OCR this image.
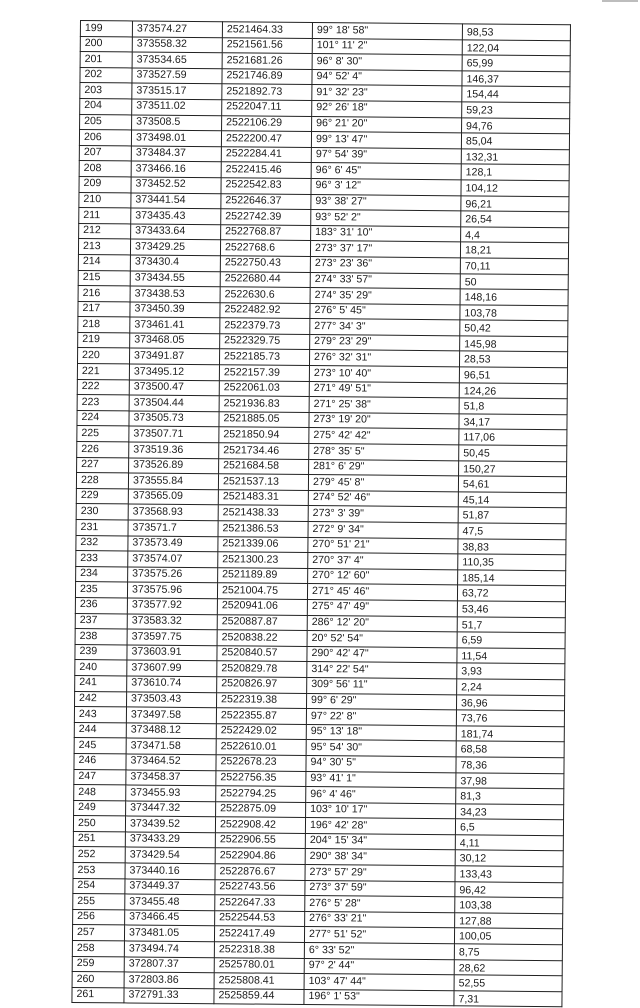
199	373574.27	2521464.33	99° 18' 58"	98,53
200	373558.32	2521561.56	101° 11' 2"	122,04
201	373534.65	2521681.26	96° 8' 30"	65,99
202	373527.59	2521746.89	94° 52' 4"	146,37
203	373515.17	2521892.73	91° 32' 23"	154,44
204	373511.02	2522047.11	92° 26' 18"	59,23
205	373508.5	2522106.29	96° 21' 20"	94,76
206	373498.01	2522200.47	99° 13' 47"	85,04
207	373484.37	2522284.41	97° 54' 39"	132,31
208	373466.16	2522415.46	96° 6' 45"	128,1
209	373452.52	2522542.83	96° 3' 12"	104,12
210	373441.54	2522646.37	93° 38' 27"	96,21
211	373435.43	2522742.39	93° 52' 2"	26,54
212	373433.64	2522768.87	183° 31' 10"	4,4
213	373429.25	2522768.6	273° 37' 17"	18,21
214	373430.4	2522750.43	273° 23' 36"	70,11
215	373434.55	2522680.44	274° 33' 57"	50
216	373438.53	2522630.6	274° 35' 29"	148,16
217	373450.39	2522482.92	276° 5' 45"	103,78
218	373461.41	2522379.73	277° 34' 3"	50,42
219	373468.05	2522329.75	279° 23' 29"	145,98
220	373491.87	2522185.73	276° 32' 31"	28,53
221	373495.12	2522157.39	273° 10' 40"	96,51
222	373500.47	2522061.03	271° 49' 51"	124,26
223	373504.44	2521936.83	271° 25' 38"	51,8
224	373505.73	2521885.05	273° 19' 20"	34,17
225	373507.71	2521850.94	275° 42' 42"	117,06
226	373519.36	2521734.46	278° 35' 5"	50,45
227	373526.89	2521684.58	281° 6' 29"	150,27
228	373555.84	2521537.13	279° 45' 8"	54,61
229	373565.09	2521483.31	274° 52' 46"	45,14
230	373568.93	2521438.33	273° 3' 39"	51,87
231	373571.7	2521386.53	272° 9' 34"	47,5
232	373573.49	2521339.06	270° 51' 21"	38,83
233	373574.07	2521300.23	270° 37' 4"	110,35
234	373575.26	2521189.89	270° 12' 60"	185,14
235	373575.96	2521004.75	271° 45' 46"	63,72
236	373577.92	2520941.06	275° 47' 49"	53,46
237	373583.32	2520887.87	286° 12' 20"	51,7
238	373597.75	2520838.22	20° 52' 54"	6,59
239	373603.91	2520840.57	290° 42' 47"	11,54
240	373607.99	2520829.78	314° 22' 54"	3,93
241	373610.74	2520826.97	309° 56' 11"	2,24
242	373503.43	2522319.38	99° 6' 29"	36,96
243	373497.58	2522355.87	97° 22' 8"	73,76
244	373488.12	2522429.02	95° 13' 18"	181,74
245	373471.58	2522610.01	95° 54' 30"	68,58
246	373464.52	2522678.23	94° 30' 5"	78,36
247	373458.37	2522756.35	93° 41' 1"	37,98
248	373455.93	2522794.25	96° 4' 46"	81,3
249	373447.32	2522875.09	103° 10' 17"	34,23
250	373439.52	2522908.42	196° 42' 28"	6,5
251	373433.29	2522906.55	204° 15' 34"	4,11
252	373429.54	2522904.86	290° 38' 34"	30,12
253	373440.16	2522876.67	273° 57' 29"	133,43
254	373449.37	2522743.56	273° 37' 59"	96,42
255	373455.48	2522647.33	276° 5' 28"	103,38
256	373466.45	2522544.53	276° 33' 21"	127,88
257	373481.05	2522417.49	277° 51' 52"	100,05
258	373494.74	2522318.38	6° 33' 52"	8,75
259	372807.37	2525780.01	97° 2' 44"	28,62
260	372803.86	2525808.41	103° 47' 44"	52,55
261	372791.33	2525859.44	196° 1' 53"	7,31
